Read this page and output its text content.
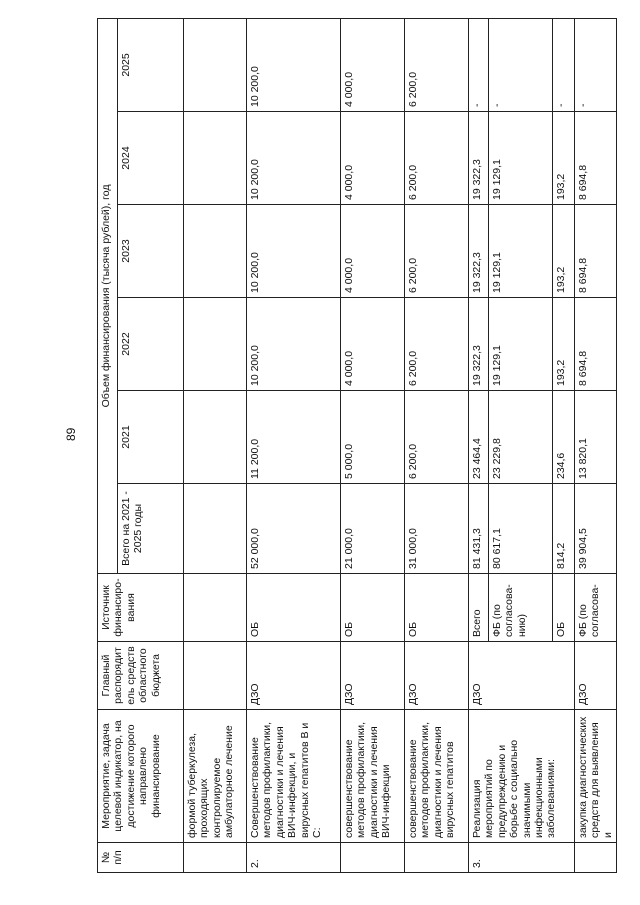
89
№ п/п	Мероприятие, задача целевой индикатор, на достижение которого направлено финансирование	Главный распорядитель средств областного бюджета	Источник финансиро-вания	Объем финансирования (тысяча рублей), год					
				Всего на 2021 - 2025 годы	2021	2022	2023	2024	2025
	формой туберкулеза, проходящих контролируемое амбулаторное лечение								
2.	Совершенствование методов профилактики, диагностики и лечения ВИЧ-инфекции, и вирусных гепатитов В и С:	ДЗО	ОБ	52 000,0	11 200,0	10 200,0	10 200,0	10 200,0	10 200,0
	совершенствование методов профилактики, диагностики и лечения ВИЧ-инфекции	ДЗО	ОБ	21 000,0	5 000,0	4 000,0	4 000,0	4 000,0	4 000,0
	совершенствование методов профилактики, диагностики и лечения вирусных гепатитов	ДЗО	ОБ	31 000,0	6 200,0	6 200,0	6 200,0	6 200,0	6 200,0
3.	Реализация мероприятий по предупреждению и борьбе с социально значимыми инфекционными заболеваниями:	ДЗО	Всего	81 431,3	23 464,4	19 322,3	19 322,3	19 322,3	-
			ФБ (по согласова-нию)	80 617,1	23 229,8	19 129,1	19 129,1	19 129,1	-
			ОБ	814,2	234,6	193,2	193,2	193,2	-
	закупка диагностических средств для выявления и	ДЗО	ФБ (по согласова-	39 904,5	13 820,1	8 694,8	8 694,8	8 694,8	-
